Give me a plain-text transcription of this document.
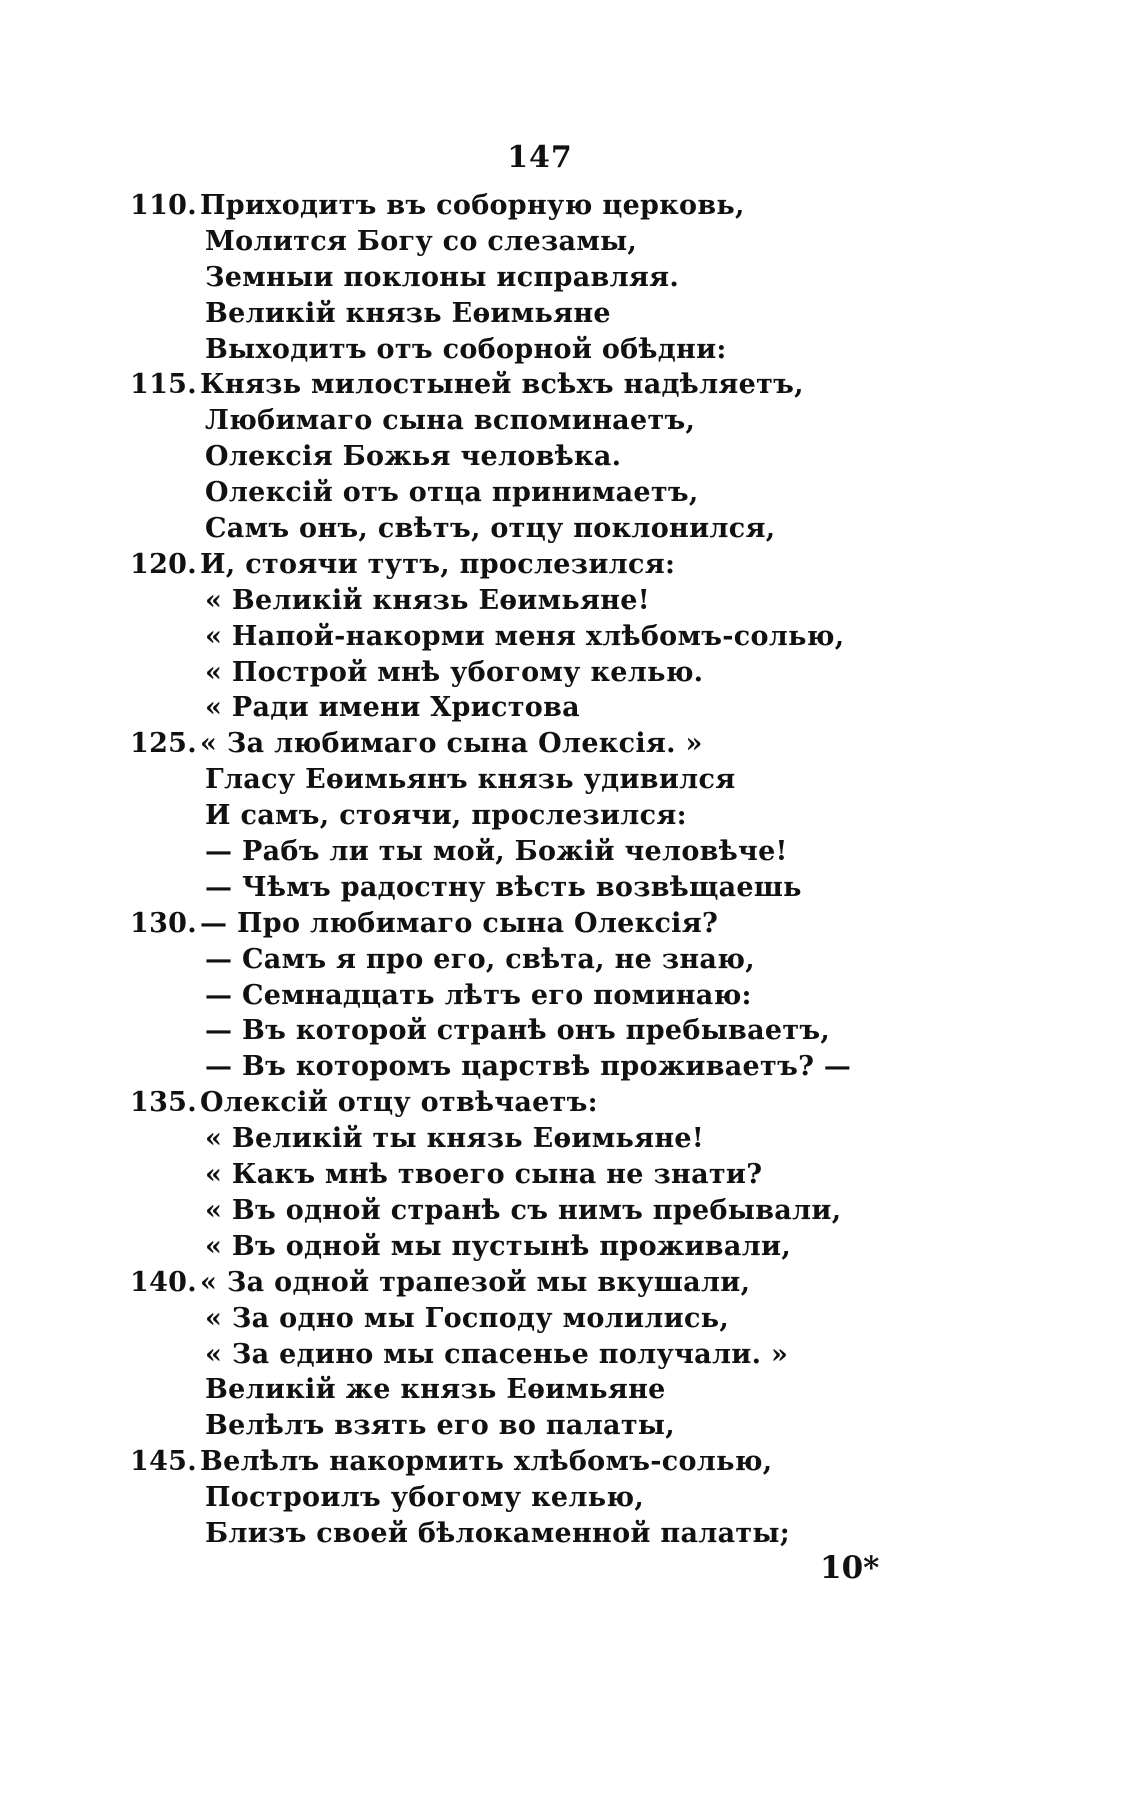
147
110. Приходитъ въ соборную церковь,
Молится Богу со слезамы,
Земныи поклоны исправляя.
Великій князь Еѳимьяне
Выходитъ отъ соборной обѣдни:
115. Князь милостыней всѣхъ надѣляетъ,
Любимаго сына вспоминаетъ,
Олексія Божья человѣка.
Олексій отъ отца принимаетъ,
Самъ онъ, свѣтъ, отцу поклонился,
120. И, стоячи тутъ, прослезился:
« Великій князь Еѳимьяне!
« Напой-накорми меня хлѣбомъ-солью,
« Построй мнѣ убогому келью.
« Ради имени Христова
125. « За любимаго сына Олексія. »
Гласу Еѳимьянъ князь удивился
И самъ, стоячи, прослезился:
— Рабъ ли ты мой, Божій человѣче!
— Чѣмъ радостну вѣсть возвѣщаешь
130. — Про любимаго сына Олексія?
— Самъ я про его, свѣта, не знаю,
— Семнадцать лѣтъ его поминаю:
— Въ которой странѣ онъ пребываетъ,
— Въ которомъ царствѣ проживаетъ? —
135. Олексій отцу отвѣчаетъ:
« Великій ты князь Еѳимьяне!
« Какъ мнѣ твоего сына не знати?
« Въ одной странѣ съ нимъ пребывали,
« Въ одной мы пустынѣ проживали,
140. « За одной трапезой мы вкушали,
« За одно мы Господу молились,
« За едино мы спасенье получали. »
Великій же князь Еѳимьяне
Велѣлъ взять его во палаты,
145. Велѣлъ накормить хлѣбомъ-солью,
Построилъ убогому келью,
Близъ своей бѣлокаменной палаты;
10*
